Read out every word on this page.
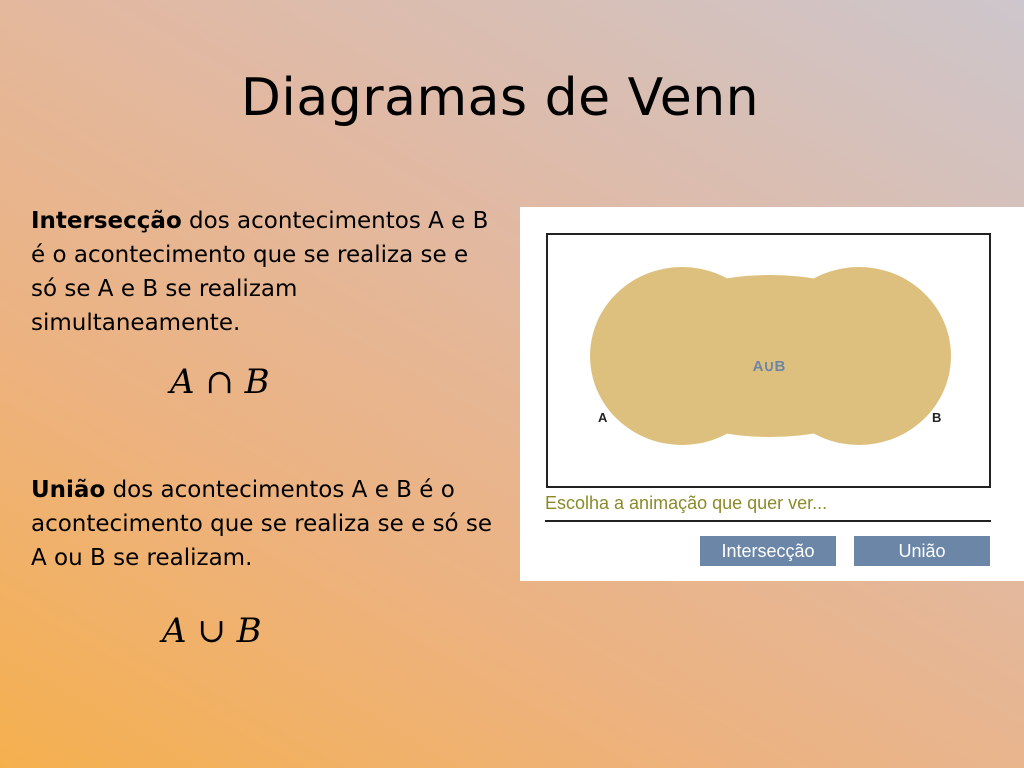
Diagramas de Venn
Intersecção dos acontecimentos A e B é o acontecimento que se realiza se e só se A e B se realizam simultaneamente.
A ∩ B
União dos acontecimentos A e B é o acontecimento que se realiza se e só se A ou B se realizam.
A ∪ B
A	B
A∪B
Escolha a animação que quer ver...
Intersecção	União
